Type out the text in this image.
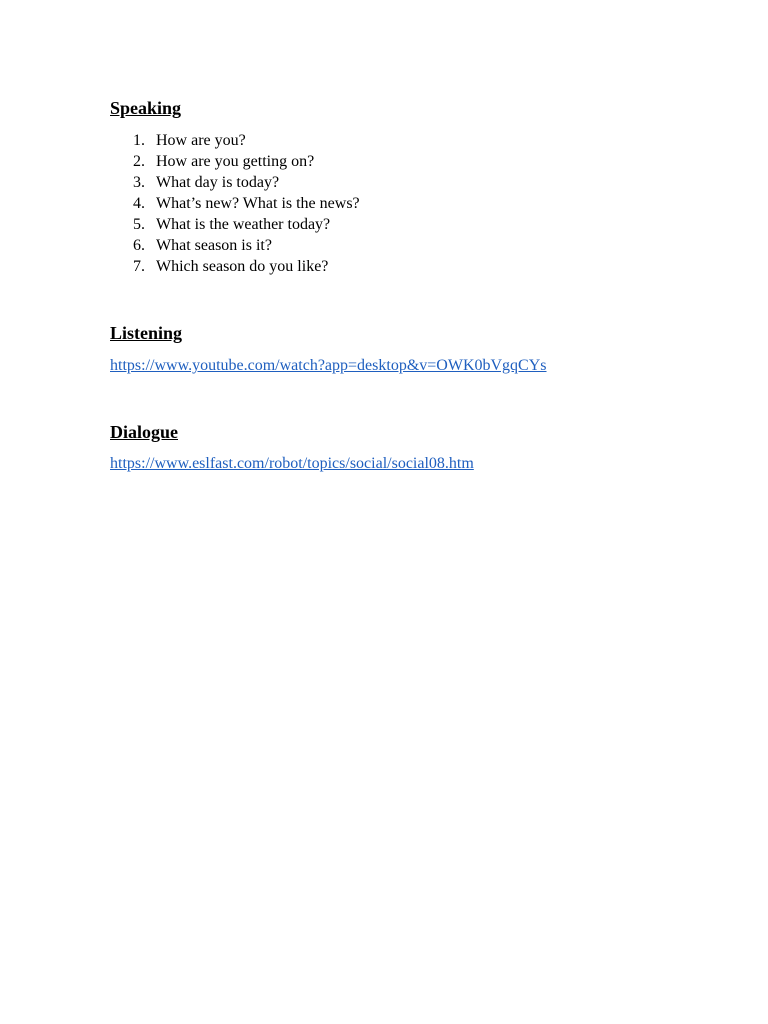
Speaking
1. How are you?
2. How are you getting on?
3. What day is today?
4. What’s new? What is the news?
5. What is the weather today?
6. What season is it?
7. Which season do you like?
Listening
https://www.youtube.com/watch?app=desktop&v=OWK0bVgqCYs
Dialogue
https://www.eslfast.com/robot/topics/social/social08.htm
